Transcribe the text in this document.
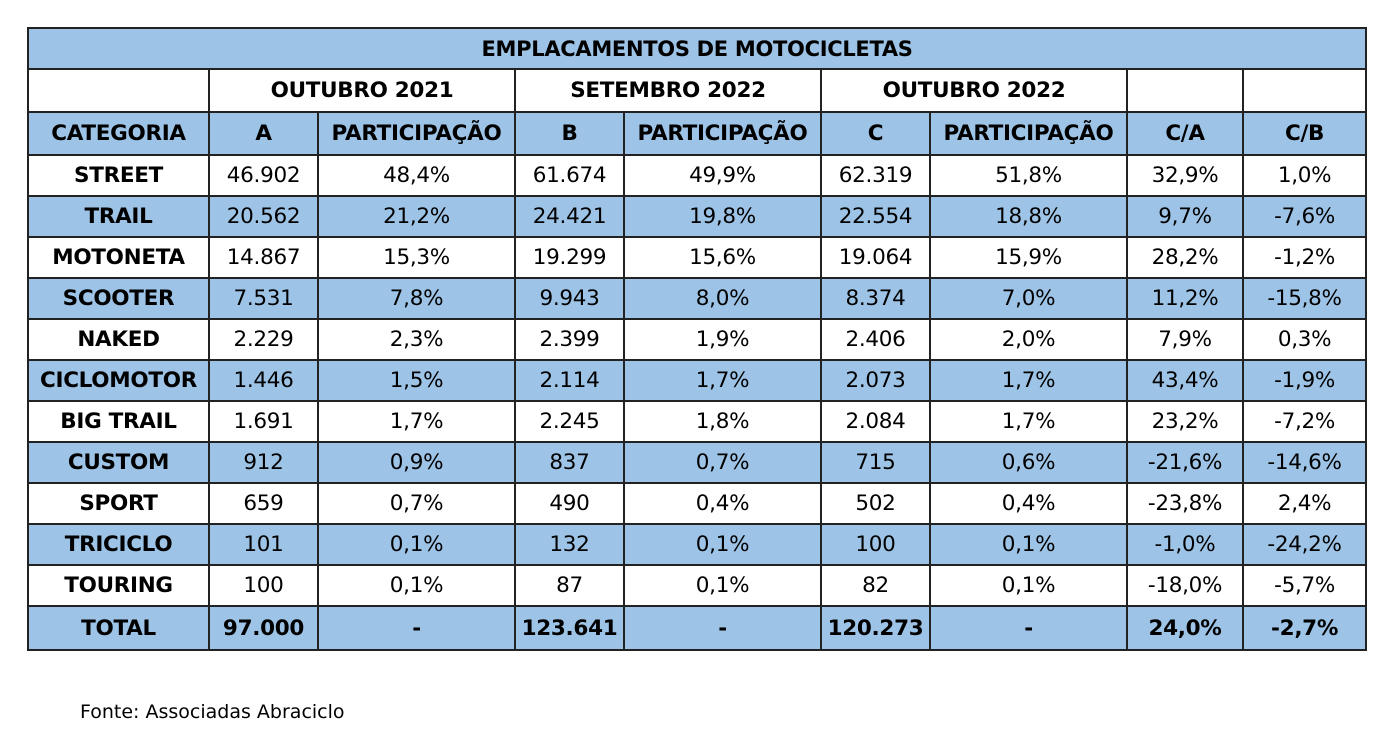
EMPLACAMENTOS DE MOTOCICLETAS								
	OUTUBRO 2021		SETEMBRO 2022		OUTUBRO 2022			
CATEGORIA	A	PARTICIPAÇÃO	B	PARTICIPAÇÃO	C	PARTICIPAÇÃO	C/A	C/B
STREET	46.902	48,4%	61.674	49,9%	62.319	51,8%	32,9%	1,0%
TRAIL	20.562	21,2%	24.421	19,8%	22.554	18,8%	9,7%	-7,6%
MOTONETA	14.867	15,3%	19.299	15,6%	19.064	15,9%	28,2%	-1,2%
SCOOTER	7.531	7,8%	9.943	8,0%	8.374	7,0%	11,2%	-15,8%
NAKED	2.229	2,3%	2.399	1,9%	2.406	2,0%	7,9%	0,3%
CICLOMOTOR	1.446	1,5%	2.114	1,7%	2.073	1,7%	43,4%	-1,9%
BIG TRAIL	1.691	1,7%	2.245	1,8%	2.084	1,7%	23,2%	-7,2%
CUSTOM	912	0,9%	837	0,7%	715	0,6%	-21,6%	-14,6%
SPORT	659	0,7%	490	0,4%	502	0,4%	-23,8%	2,4%
TRICICLO	101	0,1%	132	0,1%	100	0,1%	-1,0%	-24,2%
TOURING	100	0,1%	87	0,1%	82	0,1%	-18,0%	-5,7%
TOTAL	97.000	-	123.641	-	120.273	-	24,0%	-2,7%
Fonte: Associadas Abraciclo
